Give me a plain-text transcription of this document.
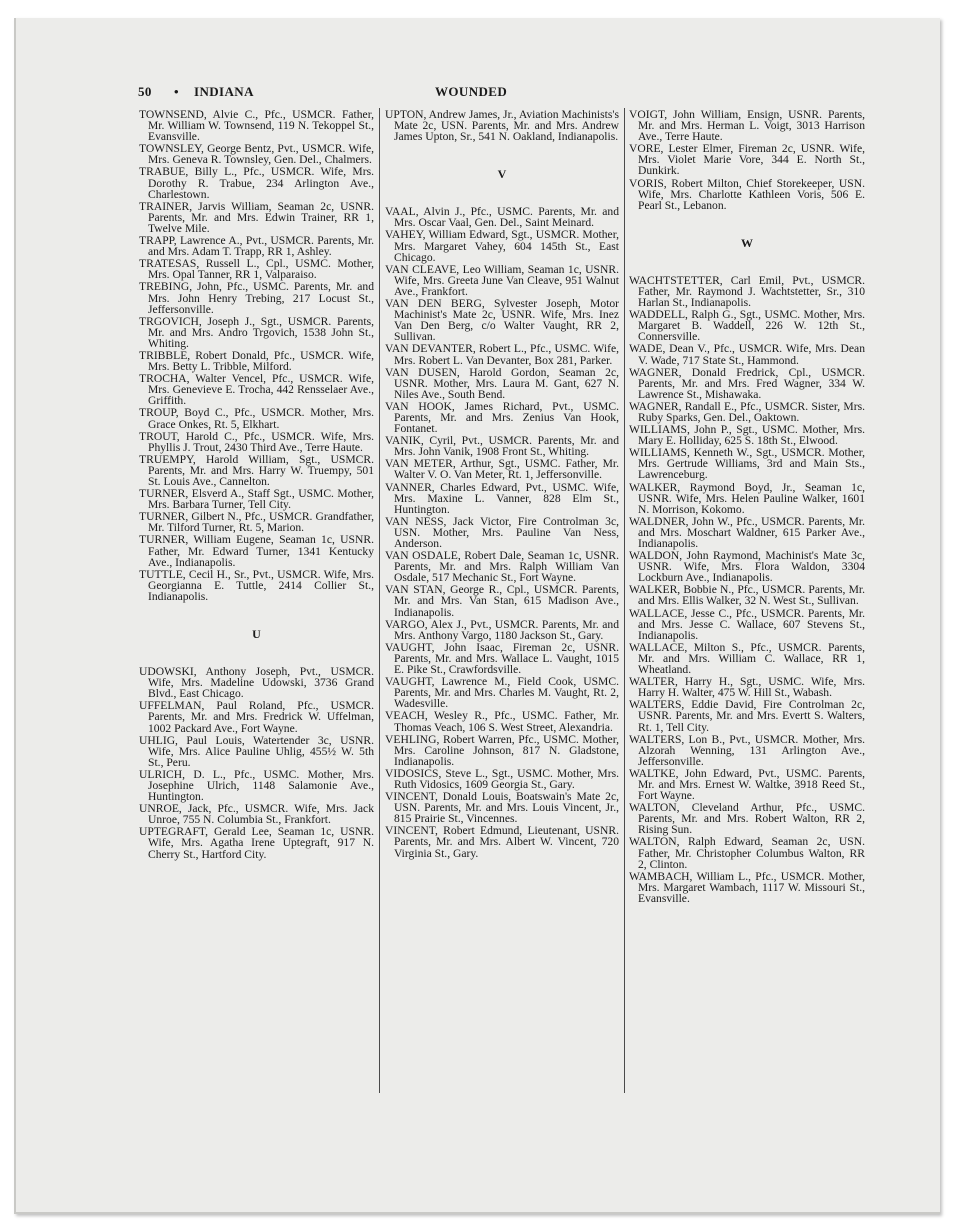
50 • INDIANA	WOUNDED

TOWNSEND, Alvie C., Pfc., USMCR. Father, Mr. William W. Townsend, 119 N. Tekoppel St., Evansville.

TOWNSLEY, George Bentz, Pvt., USMCR. Wife, Mrs. Geneva R. Townsley, Gen. Del., Chalmers.

TRABUE, Billy L., Pfc., USMCR. Wife, Mrs. Dorothy R. Trabue, 234 Arlington Ave., Charlestown.

TRAINER, Jarvis William, Seaman 2c, USNR. Parents, Mr. and Mrs. Edwin Trainer, RR 1, Twelve Mile.

TRAPP, Lawrence A., Pvt., USMCR. Parents, Mr. and Mrs. Adam T. Trapp, RR 1, Ashley.

TRATESAS, Russell L., Cpl., USMC. Mother, Mrs. Opal Tanner, RR 1, Valparaiso.

TREBING, John, Pfc., USMC. Parents, Mr. and Mrs. John Henry Trebing, 217 Locust St., Jeffersonville.

TRGOVICH, Joseph J., Sgt., USMCR. Parents, Mr. and Mrs. Andro Trgovich, 1538 John St., Whiting.

TRIBBLE, Robert Donald, Pfc., USMCR. Wife, Mrs. Betty L. Tribble, Milford.

TROCHA, Walter Vencel, Pfc., USMCR. Wife, Mrs. Genevieve E. Trocha, 442 Rensselaer Ave., Griffith.

TROUP, Boyd C., Pfc., USMCR. Mother, Mrs. Grace Onkes, Rt. 5, Elkhart.

TROUT, Harold C., Pfc., USMCR. Wife, Mrs. Phyllis J. Trout, 2430 Third Ave., Terre Haute.

TRUEMPY, Harold William, Sgt., USMCR. Parents, Mr. and Mrs. Harry W. Truempy, 501 St. Louis Ave., Cannelton.

TURNER, Elsverd A., Staff Sgt., USMC. Mother, Mrs. Barbara Turner, Tell City.

TURNER, Gilbert N., Pfc., USMCR. Grandfather, Mr. Tilford Turner, Rt. 5, Marion.

TURNER, William Eugene, Seaman 1c, USNR. Father, Mr. Edward Turner, 1341 Kentucky Ave., Indianapolis.

TUTTLE, Cecil H., Sr., Pvt., USMCR. Wife, Mrs. Georgianna E. Tuttle, 2414 Collier St., Indianapolis.

U

UDOWSKI, Anthony Joseph, Pvt., USMCR. Wife, Mrs. Madeline Udowski, 3736 Grand Blvd., East Chicago.

UFFELMAN, Paul Roland, Pfc., USMCR. Parents, Mr. and Mrs. Fredrick W. Uffelman, 1002 Packard Ave., Fort Wayne.

UHLIG, Paul Louis, Watertender 3c, USNR. Wife, Mrs. Alice Pauline Uhlig, 455½ W. 5th St., Peru.

ULRICH, D. L., Pfc., USMC. Mother, Mrs. Josephine Ulrich, 1148 Salamonie Ave., Huntington.

UNROE, Jack, Pfc., USMCR. Wife, Mrs. Jack Unroe, 755 N. Columbia St., Frankfort.

UPTEGRAFT, Gerald Lee, Seaman 1c, USNR. Wife, Mrs. Agatha Irene Uptegraft, 917 N. Cherry St., Hartford City.

UPTON, Andrew James, Jr., Aviation Machinists's Mate 2c, USN. Parents, Mr. and Mrs. Andrew James Upton, Sr., 541 N. Oakland, Indianapolis.

V

VAAL, Alvin J., Pfc., USMC. Parents, Mr. and Mrs. Oscar Vaal, Gen. Del., Saint Meinard.

VAHEY, William Edward, Sgt., USMCR. Mother, Mrs. Margaret Vahey, 604 145th St., East Chicago.

VAN CLEAVE, Leo William, Seaman 1c, USNR. Wife, Mrs. Greeta June Van Cleave, 951 Walnut Ave., Frankfort.

VAN DEN BERG, Sylvester Joseph, Motor Machinist's Mate 2c, USNR. Wife, Mrs. Inez Van Den Berg, c/o Walter Vaught, RR 2, Sullivan.

VAN DEVANTER, Robert L., Pfc., USMC. Wife, Mrs. Robert L. Van Devanter, Box 281, Parker.

VAN DUSEN, Harold Gordon, Seaman 2c, USNR. Mother, Mrs. Laura M. Gant, 627 N. Niles Ave., South Bend.

VAN HOOK, James Richard, Pvt., USMC. Parents, Mr. and Mrs. Zenius Van Hook, Fontanet.

VANIK, Cyril, Pvt., USMCR. Parents, Mr. and Mrs. John Vanik, 1908 Front St., Whiting.

VAN METER, Arthur, Sgt., USMC. Father, Mr. Walter V. O. Van Meter, Rt. 1, Jeffersonville.

VANNER, Charles Edward, Pvt., USMC. Wife, Mrs. Maxine L. Vanner, 828 Elm St., Huntington.

VAN NESS, Jack Victor, Fire Controlman 3c, USN. Mother, Mrs. Pauline Van Ness, Anderson.

VAN OSDALE, Robert Dale, Seaman 1c, USNR. Parents, Mr. and Mrs. Ralph William Van Osdale, 517 Mechanic St., Fort Wayne.

VAN STAN, George R., Cpl., USMCR. Parents, Mr. and Mrs. Van Stan, 615 Madison Ave., Indianapolis.

VARGO, Alex J., Pvt., USMCR. Parents, Mr. and Mrs. Anthony Vargo, 1180 Jackson St., Gary.

VAUGHT, John Isaac, Fireman 2c, USNR. Parents, Mr. and Mrs. Wallace L. Vaught, 1015 E. Pike St., Crawfordsville.

VAUGHT, Lawrence M., Field Cook, USMC. Parents, Mr. and Mrs. Charles M. Vaught, Rt. 2, Wadesville.

VEACH, Wesley R., Pfc., USMC. Father, Mr. Thomas Veach, 106 S. West Street, Alexandria.

VEHLING, Robert Warren, Pfc., USMC. Mother, Mrs. Caroline Johnson, 817 N. Gladstone, Indianapolis.

VIDOSICS, Steve L., Sgt., USMC. Mother, Mrs. Ruth Vidosics, 1609 Georgia St., Gary.

VINCENT, Donald Louis, Boatswain's Mate 2c, USN. Parents, Mr. and Mrs. Louis Vincent, Jr., 815 Prairie St., Vincennes.

VINCENT, Robert Edmund, Lieutenant, USNR. Parents, Mr. and Mrs. Albert W. Vincent, 720 Virginia St., Gary.

VOIGT, John William, Ensign, USNR. Parents, Mr. and Mrs. Herman L. Voigt, 3013 Harrison Ave., Terre Haute.

VORE, Lester Elmer, Fireman 2c, USNR. Wife, Mrs. Violet Marie Vore, 344 E. North St., Dunkirk.

VORIS, Robert Milton, Chief Storekeeper, USN. Wife, Mrs. Charlotte Kathleen Voris, 506 E. Pearl St., Lebanon.

W

WACHTSTETTER, Carl Emil, Pvt., USMCR. Father, Mr. Raymond J. Wachtstetter, Sr., 310 Harlan St., Indianapolis.

WADDELL, Ralph G., Sgt., USMC. Mother, Mrs. Margaret B. Waddell, 226 W. 12th St., Connersville.

WADE, Dean V., Pfc., USMCR. Wife, Mrs. Dean V. Wade, 717 State St., Hammond.

WAGNER, Donald Fredrick, Cpl., USMCR. Parents, Mr. and Mrs. Fred Wagner, 334 W. Lawrence St., Mishawaka.

WAGNER, Randall E., Pfc., USMCR. Sister, Mrs. Ruby Sparks, Gen. Del., Oaktown.

WILLIAMS, John P., Sgt., USMC. Mother, Mrs. Mary E. Holliday, 625 S. 18th St., Elwood.

WILLIAMS, Kenneth W., Sgt., USMCR. Mother, Mrs. Gertrude Williams, 3rd and Main Sts., Lawrenceburg.

WALKER, Raymond Boyd, Jr., Seaman 1c, USNR. Wife, Mrs. Helen Pauline Walker, 1601 N. Morrison, Kokomo.

WALDNER, John W., Pfc., USMCR. Parents, Mr. and Mrs. Moschart Waldner, 615 Parker Ave., Indianapolis.

WALDON, John Raymond, Machinist's Mate 3c, USNR. Wife, Mrs. Flora Waldon, 3304 Lockburn Ave., Indianapolis.

WALKER, Bobbie N., Pfc., USMCR. Parents, Mr. and Mrs. Ellis Walker, 32 N. West St., Sullivan.

WALLACE, Jesse C., Pfc., USMCR. Parents, Mr. and Mrs. Jesse C. Wallace, 607 Stevens St., Indianapolis.

WALLACE, Milton S., Pfc., USMCR. Parents, Mr. and Mrs. William C. Wallace, RR 1, Wheatland.

WALTER, Harry H., Sgt., USMC. Wife, Mrs. Harry H. Walter, 475 W. Hill St., Wabash.

WALTERS, Eddie David, Fire Controlman 2c, USNR. Parents, Mr. and Mrs. Evertt S. Walters, Rt. 1, Tell City.

WALTERS, Lon B., Pvt., USMCR. Mother, Mrs. Alzorah Wenning, 131 Arlington Ave., Jeffersonville.

WALTKE, John Edward, Pvt., USMC. Parents, Mr. and Mrs. Ernest W. Waltke, 3918 Reed St., Fort Wayne.

WALTON, Cleveland Arthur, Pfc., USMC. Parents, Mr. and Mrs. Robert Walton, RR 2, Rising Sun.

WALTON, Ralph Edward, Seaman 2c, USN. Father, Mr. Christopher Columbus Walton, RR 2, Clinton.

WAMBACH, William L., Pfc., USMCR. Mother, Mrs. Margaret Wambach, 1117 W. Missouri St., Evansville.
